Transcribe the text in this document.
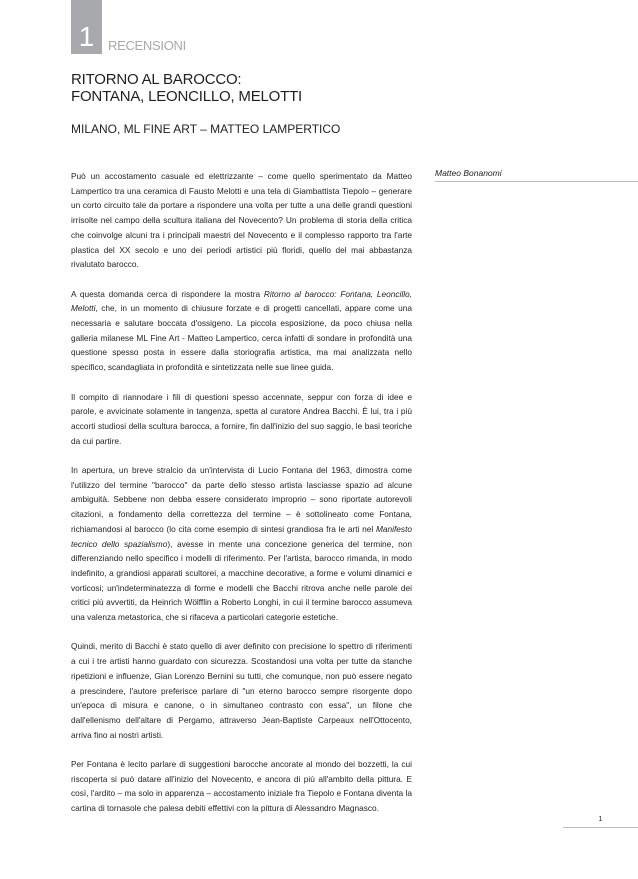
1	RECENSIONI
RITORNO AL BAROCCO:
FONTANA, LEONCILLO, MELOTTI
MILANO, ML FINE ART – MATTEO LAMPERTICO
Matteo Bonanomi

Può un accostamento casuale ed elettrizzante – come quello sperimentato da Matteo Lampertico tra una ceramica di Fausto Melotti e una tela di Giambattista Tiepolo – generare un corto circuito tale da portare a rispondere una volta per tutte a una delle grandi questioni irrisolte nel campo della scultura italiana del Novecento? Un problema di storia della critica che coinvolge alcuni tra i principali maestri del Novecento e il complesso rapporto tra l'arte plastica del XX secolo e uno dei periodi artistici più floridi, quello del mai abbastanza rivalutato barocco.

A questa domanda cerca di rispondere la mostra Ritorno al barocco: Fontana, Leoncillo, Melotti, che, in un momento di chiusure forzate e di progetti cancellati, appare come una necessaria e salutare boccata d'ossigeno. La piccola esposizione, da poco chiusa nella galleria milanese ML Fine Art - Matteo Lampertico, cerca infatti di sondare in profondità una questione spesso posta in essere dalla storiografia artistica, ma mai analizzata nello specifico, scandagliata in profondità e sintetizzata nelle sue linee guida.

Il compito di riannodare i fili di questioni spesso accennate, seppur con forza di idee e parole, e avvicinate solamente in tangenza, spetta al curatore Andrea Bacchi. È lui, tra i più accorti studiosi della scultura barocca, a fornire, fin dall'inizio del suo saggio, le basi teoriche da cui partire.

In apertura, un breve stralcio da un'intervista di Lucio Fontana del 1963, dimostra come l'utilizzo del termine "barocco" da parte dello stesso artista lasciasse spazio ad alcune ambiguità. Sebbene non debba essere considerato improprio – sono riportate autorevoli citazioni, a fondamento della correttezza del termine – è sottolineato come Fontana, richiamandosi al barocco (lo cita come esempio di sintesi grandiosa fra le arti nel Manifesto tecnico dello spazialismo), avesse in mente una concezione generica del termine, non differenziando nello specifico i modelli di riferimento. Per l'artista, barocco rimanda, in modo indefinito, a grandiosi apparati scultorei, a macchine decorative, a forme e volumi dinamici e vorticosi; un'indeterminatezza di forme e modelli che Bacchi ritrova anche nelle parole dei critici più avvertiti, da Heinrich Wölfflin a Roberto Longhi, in cui il termine barocco assumeva una valenza metastorica, che si rifaceva a particolari categorie estetiche.

Quindi, merito di Bacchi è stato quello di aver definito con precisione lo spettro di riferimenti a cui i tre artisti hanno guardato con sicurezza. Scostandosi una volta per tutte da stanche ripetizioni e influenze, Gian Lorenzo Bernini su tutti, che comunque, non può essere negato a prescindere, l'autore preferisce parlare di "un eterno barocco sempre risorgente dopo un'epoca di misura e canone, o in simultaneo contrasto con essa", un filone che dall'ellenismo dell'altare di Pergamo, attraverso Jean-Baptiste Carpeaux nell'Ottocento, arriva fino ai nostri artisti.

Per Fontana è lecito parlare di suggestioni barocche ancorate al mondo dei bozzetti, la cui riscoperta si può datare all'inizio del Novecento, e ancora di più all'ambito della pittura. E così, l'ardito – ma solo in apparenza – accostamento iniziale fra Tiepolo e Fontana diventa la cartina di tornasole che palesa debiti effettivi con la pittura di Alessandro Magnasco.

1
